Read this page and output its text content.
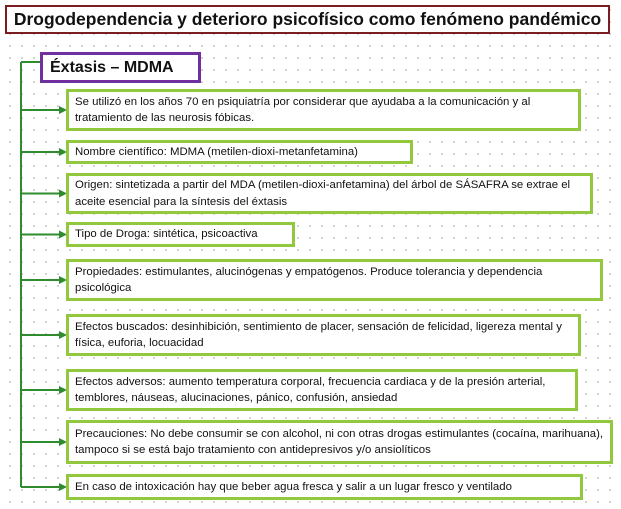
Drogodependencia y deterioro psicofísico como fenómeno pandémico
Éxtasis – MDMA
Se utilizó en los años 70 en psiquiatría por considerar que ayudaba a la comunicación y al tratamiento de las neurosis fóbicas.
Nombre científico: MDMA (metilen-dioxi-metanfetamina)
Origen: sintetizada a partir del MDA (metilen-dioxi-anfetamina) del árbol de SÁSAFRA se extrae el aceite esencial para la síntesis del éxtasis
Tipo de Droga: sintética, psicoactiva
Propiedades: estimulantes, alucinógenas y empatógenos. Produce tolerancia y dependencia psicológica
Efectos buscados: desinhibición, sentimiento de placer, sensación de felicidad, ligereza mental y física, euforia, locuacidad
Efectos adversos: aumento temperatura corporal, frecuencia cardiaca y de la presión arterial, temblores, náuseas, alucinaciones, pánico, confusión, ansiedad
Precauciones: No debe consumir se con alcohol, ni con otras drogas estimulantes (cocaína, marihuana), tampoco si se está bajo tratamiento con antidepresivos y/o ansiolíticos
En caso de intoxicación hay que beber agua fresca y salir a un lugar fresco y ventilado
